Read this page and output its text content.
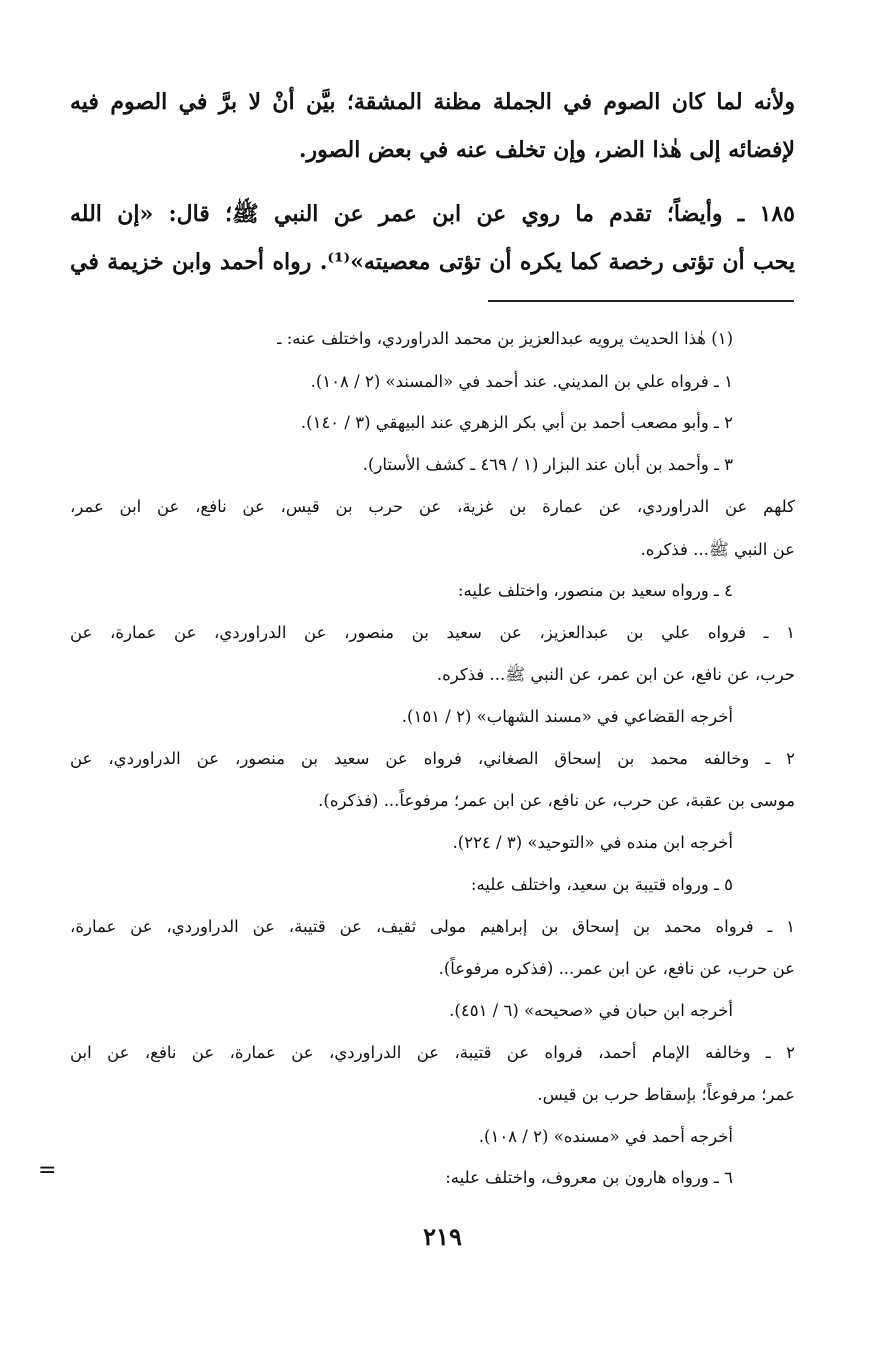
ولأنه لما كان الصوم في الجملة مظنة المشقة؛ بيَّن أنْ لا برَّ في الصوم فيه

لإفضائه إلى هٰذا الضر، وإن تخلف عنه في بعض الصور.

١٨٥ ـ وأيضاً؛ تقدم ما روي عن ابن عمر عن النبي ﷺ؛ قال: «إن الله

يحب أن تؤتى رخصة كما يكره أن تؤتى معصيته»⁽¹⁾. رواه أحمد وابن خزيمة في

(١) هٰذا الحديث يرويه عبدالعزيز بن محمد الدراوردي، واختلف عنه: ـ

١ ـ فرواه علي بن المديني. عند أحمد في «المسند» (٢ / ١٠٨).

٢ ـ وأبو مصعب أحمد بن أبي بكر الزهري عند البيهقي (٣ / ١٤٠).

٣ ـ وأحمد بن أبان عند البزار (١ / ٤٦٩ ـ كشف الأستار).

كلهم عن الدراوردي، عن عمارة بن غزية، عن حرب بن قيس، عن نافع، عن ابن عمر،

عن النبي ﷺ... فذكره.

٤ ـ ورواه سعيد بن منصور، واختلف عليه:

١ ـ فرواه علي بن عبدالعزيز، عن سعيد بن منصور، عن الدراوردي، عن عمارة، عن

حرب، عن نافع، عن ابن عمر، عن النبي ﷺ... فذكره.

أخرجه القضاعي في «مسند الشهاب» (٢ / ١٥١).

٢ ـ وخالفه محمد بن إسحاق الصغاني، فرواه عن سعيد بن منصور، عن الدراوردي، عن

موسى بن عقبة، عن حرب، عن نافع، عن ابن عمر؛ مرفوعاً... (فذكره).

أخرجه ابن منده في «التوحيد» (٣ / ٢٢٤).

٥ ـ ورواه قتيبة بن سعيد، واختلف عليه:

١ ـ فرواه محمد بن إسحاق بن إبراهيم مولى ثقيف، عن قتيبة، عن الدراوردي، عن عمارة،

عن حرب، عن نافع، عن ابن عمر... (فذكره مرفوعاً).

أخرجه ابن حبان في «صحيحه» (٦ / ٤٥١).

٢ ـ وخالفه الإمام أحمد، فرواه عن قتيبة، عن الدراوردي، عن عمارة، عن نافع، عن ابن

عمر؛ مرفوعاً؛ بإسقاط حرب بن قيس.

أخرجه أحمد في «مسنده» (٢ / ١٠٨).

٦ ـ ورواه هارون بن معروف، واختلف عليه:

=
٢١٩
